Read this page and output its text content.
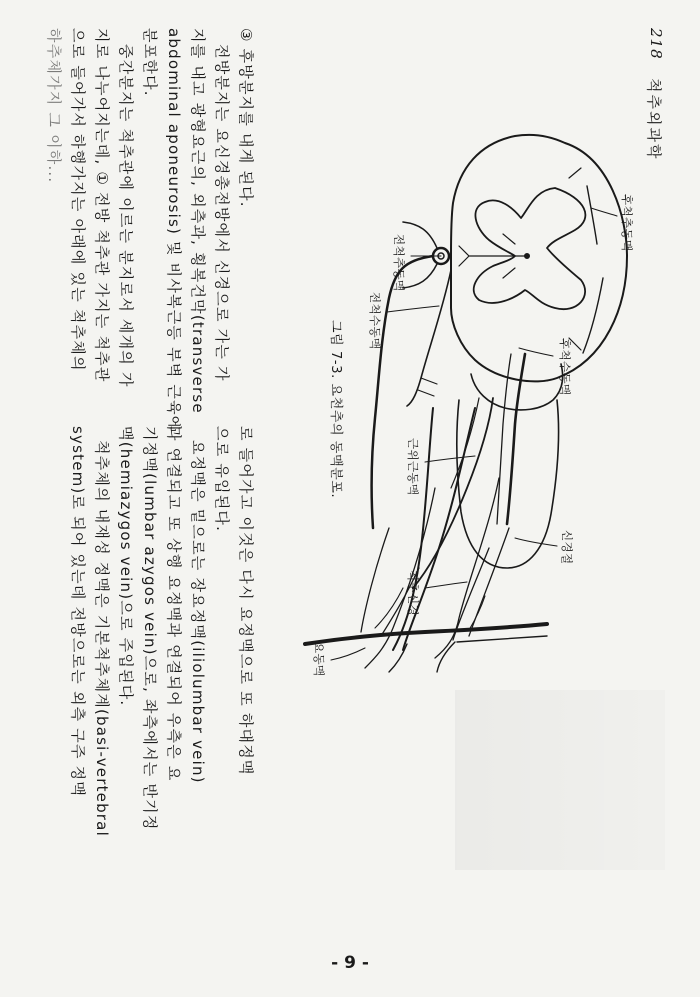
218
척추외과학
③ 후방분지를 내게 된다.
전방분지는 요신경총전방에서 신경으로 가는 가
지를 내고 광형요근의, 외측과, 횡복건막(transverse
abdominal aponeurosis) 및 비사복근등 부벽 근육에
분포한다.
중간분지는 척추관에 이르는 분지로서 세개의 가
지로 나누어지는데, ① 전방 척추관 가지는 척추관
으로 들어가서 하행가지는 아래에 있는 척추체의
하추체가지 그 이하...
로 들어가고 이것은 다시 요정맥으로 또 하대정맥
으로 유입된다.
요정맥은 밑으로는 장요정맥(iliolumbar vein)
과 연결되고 또 상행 요정맥과 연결되어 우측은 요
기정맥(lumbar azygos vein)으로, 좌측에서는 반기정
맥(hemiazygos vein)으로 주입된다.
척추체의 내재성 정맥은 기본척추체계(basi-vertebral
system)로 되어 있는데 전방으로는 외측 구주 정맥
전척추동맥
후척추동맥
전척수동맥
후척수동맥
근위근동맥
신경절
척추신경
요동맥
그림 7-3. 요천추의 동맥분포.
- 9 -
